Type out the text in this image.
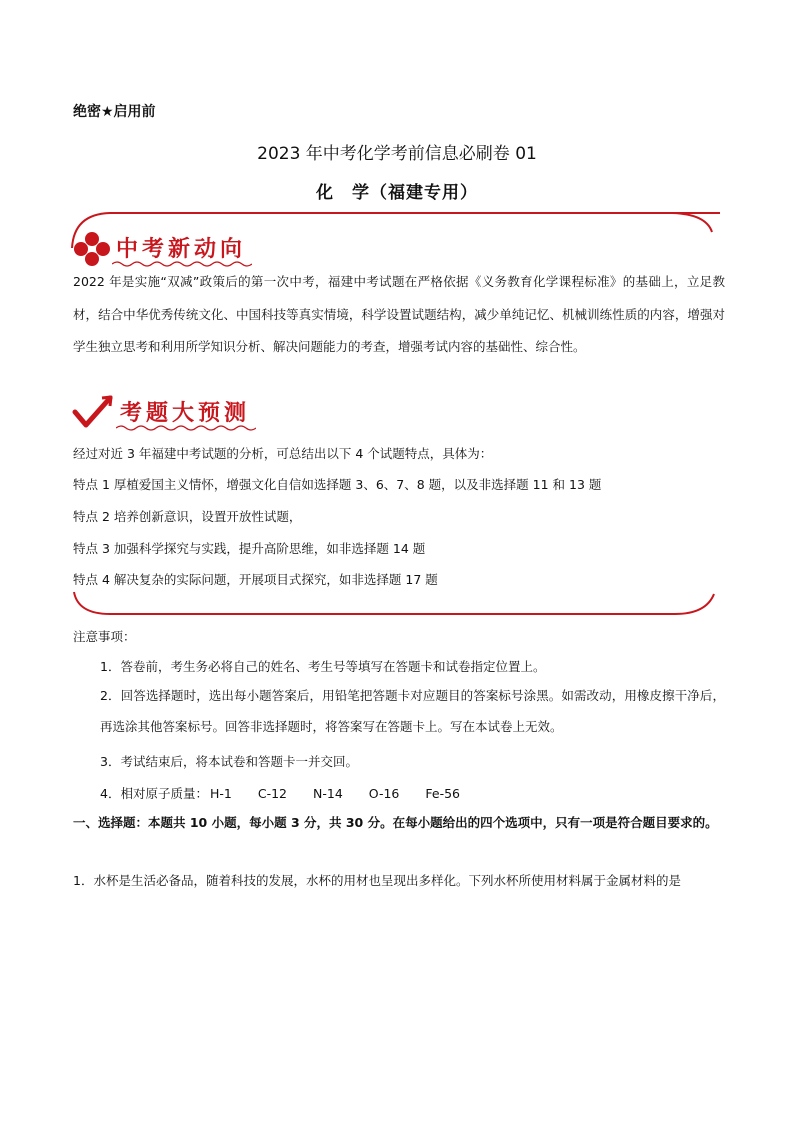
绝密★启用前
2023 年中考化学考前信息必刷卷 01
化　学（福建专用）
中考新动向
2022 年是实施“双减”政策后的第一次中考，福建中考试题在严格依据《义务教育化学课程标准》的基础上，立足教材，结合中华优秀传统文化、中国科技等真实情境，科学设置试题结构，减少单纯记忆、机械训练性质的内容，增强对学生独立思考和利用所学知识分析、解决问题能力的考查，增强考试内容的基础性、综合性。
考题大预测
经过对近 3 年福建中考试题的分析，可总结出以下 4 个试题特点，具体为：
特点 1 厚植爱国主义情怀，增强文化自信如选择题 3、6、7、8 题，以及非选择题 11 和 13 题
特点 2 培养创新意识，设置开放性试题，
特点 3 加强科学探究与实践，提升高阶思维，如非选择题 14 题
特点 4 解决复杂的实际问题，开展项目式探究，如非选择题 17 题
注意事项：
1．答卷前，考生务必将自己的姓名、考生号等填写在答题卡和试卷指定位置上。
2．回答选择题时，选出每小题答案后，用铅笔把答题卡对应题目的答案标号涂黑。如需改动，用橡皮擦干净后，再选涂其他答案标号。回答非选择题时，将答案写在答题卡上。写在本试卷上无效。
3．考试结束后，将本试卷和答题卡一并交回。
4．相对原子质量： H-1 C-12 N-14 O-16 Fe-56
一、选择题：本题共 10 小题，每小题 3 分，共 30 分。在每小题给出的四个选项中，只有一项是符合题目要求的。
1．水杯是生活必备品，随着科技的发展，水杯的用材也呈现出多样化。下列水杯所使用材料属于金属材料的是
